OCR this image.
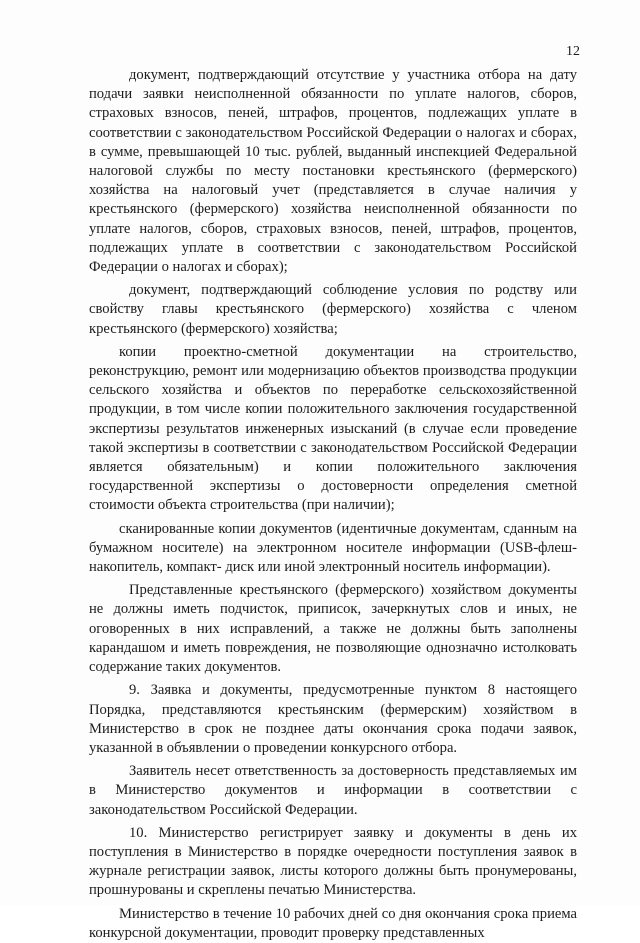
12

документ, подтверждающий отсутствие у участника отбора на дату подачи заявки неисполненной обязанности по уплате налогов, сборов, страховых взносов, пеней, штрафов, процентов, подлежащих уплате в соответствии с законодательством Российской Федерации о налогах и сборах, в сумме, превышающей 10 тыс. рублей, выданный инспекцией Федеральной налоговой службы по месту постановки крестьянского (фермерского) хозяйства на налоговый учет (представляется в случае наличия у крестьянского (фермерского) хозяйства неисполненной обязанности по уплате налогов, сборов, страховых взносов, пеней, штрафов, процентов, подлежащих уплате в соответствии с законодательством Российской Федерации о налогах и сборах);

документ, подтверждающий соблюдение условия по родству или свойству главы крестьянского (фермерского) хозяйства с членом крестьянского (фермерского) хозяйства;

копии проектно-сметной документации на строительство, реконструкцию, ремонт или модернизацию объектов производства продукции сельского хозяйства и объектов по переработке сельскохозяйственной продукции, в том числе копии положительного заключения государственной экспертизы результатов инженерных изысканий (в случае если проведение такой экспертизы в соответствии с законодательством Российской Федерации является обязательным) и копии положительного заключения государственной экспертизы о достоверности определения сметной стоимости объекта строительства (при наличии);

сканированные копии документов (идентичные документам, сданным на бумажном носителе) на электронном носителе информации (USB-флеш-накопитель, компакт- диск или иной электронный носитель информации).

Представленные крестьянского (фермерского) хозяйством документы не должны иметь подчисток, приписок, зачеркнутых слов и иных, не оговоренных в них исправлений, а также не должны быть заполнены карандашом и иметь повреждения, не позволяющие однозначно истолковать содержание таких документов.

9. Заявка и документы, предусмотренные пунктом 8 настоящего Порядка, представляются крестьянским (фермерским) хозяйством в Министерство в срок не позднее даты окончания срока подачи заявок, указанной в объявлении о проведении конкурсного отбора.

Заявитель несет ответственность за достоверность представляемых им в Министерство документов и информации в соответствии с законодательством Российской Федерации.

10. Министерство регистрирует заявку и документы в день их поступления в Министерство в порядке очередности поступления заявок в журнале регистрации заявок, листы которого должны быть пронумерованы, прошнурованы и скреплены печатью Министерства.

Министерство в течение 10 рабочих дней со дня окончания срока приема конкурсной документации, проводит проверку представленных
